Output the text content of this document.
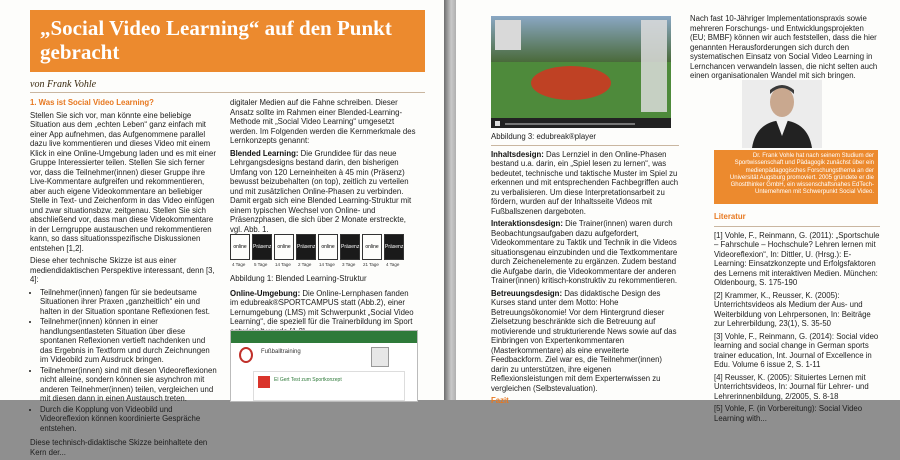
„Social Video Learning“ auf den Punkt gebracht
von Frank Vohle

1. Was ist Social Video Learning?

Stellen Sie sich vor, man könnte eine beliebige Situation aus dem „echten Leben“ ganz einfach mit einer App aufnehmen, das Aufgenommene parallel dazu live kommentieren und dieses Video mit einem Klick in eine Online-Umgebung laden und es mit einer Gruppe Interessierter teilen. Stellen Sie sich ferner vor, dass die Teilnehmer(innen) dieser Gruppe ihre Live-Kommentare aufgreifen und rekommentieren, aber auch eigene Videokommentare an beliebiger Stelle in Text- und Zeichenform in das Video einfügen und zwar situationsbzw. zeitgenau. Stellen Sie sich abschließend vor, dass man diese Videokommentare in der Lerngruppe austauschen und rekommentieren kann, so dass situationsspezifische Diskussionen entstehen [1,2].

Diese eher technische Skizze ist aus einer mediendidaktischen Perspektive interessant, denn [3, 4]:

• Teilnehmer(innen) fangen für sie bedeutsame Situationen ihrer Praxen „ganzheitlich“ ein und halten in der Situation spontane Reflexionen fest.
• Teilnehmer(innen) können in einer handlungsentlasteten Situation über diese spontanen Reflexionen vertieft nachdenken und das Ergebnis in Textform und durch Zeichnungen im Videobild zum Ausdruck bringen.
• Teilnehmer(innen) sind mit diesen Videoreflexionen nicht alleine, sondern können sie asynchron mit anderen Teilnehmer(innen) teilen, vergleichen und mit diesen dann in einen Austausch treten.
• Durch die Kopplung von Videobild und Videoreflexion können koordinierte Gespräche entstehen.

Diese technisch-didaktische Skizze beinhaltete den Kern der...

digitaler Medien auf die Fahne schreiben. Dieser Ansatz sollte im Rahmen einer Blended-Learning-Methode mit „Social Video Learning“ umgesetzt werden. Im Folgenden werden die Kernmerkmale des Lernkonzepts genannt:

Blended Learning: Die Grundidee für das neue Lehrgangsdesigns bestand darin, den bisherigen Umfang von 120 Lerneinheiten à 45 min (Präsenz) bewusst beizubehalten (on top), zeitlich zu verteilen und mit zusätzlichen Online-Phasen zu verbinden. Damit ergab sich eine Blended Learning-Struktur mit einem typischen Wechsel von Online- und Präsenzphasen, die sich über 2 Monate erstreckte, vgl. Abb. 1.

online	Präsenz	online	Präsenz	online	Präsenz	online	Präsenz
4 Tage 5 Tage 14 Tage 2 Tage 14 Tage 3 Tage 21 Tage 4 Tage

Abbildung 1: Blended Learning-Struktur

Online-Umgebung: Die Online-Lernphasen fanden im edubreak®SPORTCAMPUS statt (Abb.2), einer Lernumgebung (LMS) mit Schwerpunkt „Social Video Learning“, die speziell für die Trainerbildung im Sport

Fußballtraining
El Gert Test zum Sportkonzept

Abbildung 3: edubreak®player

Inhaltsdesign: Das Lernziel in den Online-Phasen bestand u.a. darin, ein „Spiel lesen zu lernen“, was bedeutet, technische und taktische Muster im Spiel zu erkennen und mit entsprechenden Fachbegriffen auch zu verbalisieren. Um diese Interpretationsarbeit zu fördern, wurden auf der Inhaltsseite Videos mit Fußballszenen dargeboten.

Interaktionsdesign: Die Trainer(innen) waren durch Beobachtungsaufgaben dazu aufgefordert, Videokommentare zu Taktik und Technik in die Videos situationsgenau einzubinden und die Textkommentare durch Zeichenelemente zu ergänzen. Zudem bestand die Aufgabe darin, die Videokommentare der anderen Trainer(innen) kritisch-konstruktiv zu rekommentieren.

Betreuungsdesign: Das didaktische Design des Kurses stand unter dem Motto: Hohe Betreuungsökonomie! Vor dem Hintergrund dieser Zielsetzung beschränkte sich die Betreuung auf motivierende und strukturierende News sowie auf das Einbringen von Expertenkommentaren (Masterkommentare) als eine erweiterte Feedbackform. Ziel war es, die Teilnehmer(innen) darin zu unterstützen, ihre eigenen Reflexionsleistungen mit dem Expertenwissen zu vergleichen (Selbstevaluation).

Fazit

Nach fast 10-Jähriger Implementationspraxis sowie mehreren Forschungs- und Entwicklungsprojekten (EU; BMBF) können wir auch feststellen, dass die hier genannten Herausforderungen sich durch den systematischen Einsatz von Social Video Learning in Lernchancen verwandeln lassen, die nicht selten auch einen organisationalen Wandel mit sich bringen.

Dr. Frank Vohle hat nach seinem Studium der Sportwissenschaft und Pädagogik zunächst über ein medienpädagogisches Forschungsthema an der Universität Augsburg promoviert. 2005 gründete er die Ghostthinker GmbH, ein wissenschaftsnahes EdTech-Unternehmen mit Schwerpunkt Social Video.

Literatur

[1] Vohle, F., Reinmann, G. (2011): „Sportschule – Fahrschule – Hochschule? Lehren lernen mit Videoreflexion“, In: Dittler, U. (Hrsg.): E-Learning: Einsatzkonzepte und Erfolgsfaktoren des Lernens mit interaktiven Medien. München: Oldenbourg, S. 175-190

[2] Krammer, K., Reusser, K. (2005): Unterrichtsvideos als Medium der Aus- und Weiterbildung von Lehrpersonen, In: Beiträge zur Lehrerbildung, 23(1), S. 35-50

[3] Vohle, F., Reinmann, G. (2014): Social video learning and social change in German sports trainer education, Int. Journal of Excellence in Edu. Volume 6 issue 2, S. 1-11

[4] Reusser, K. (2005): Situiertes Lernen mit Unterrichtsvideos, In: Journal für Lehrer- und Lehrerinnenbildung, 2/2005, S. 8-18

[5] Vohle, F. (in Vorbereitung): Social Video Learning with...
